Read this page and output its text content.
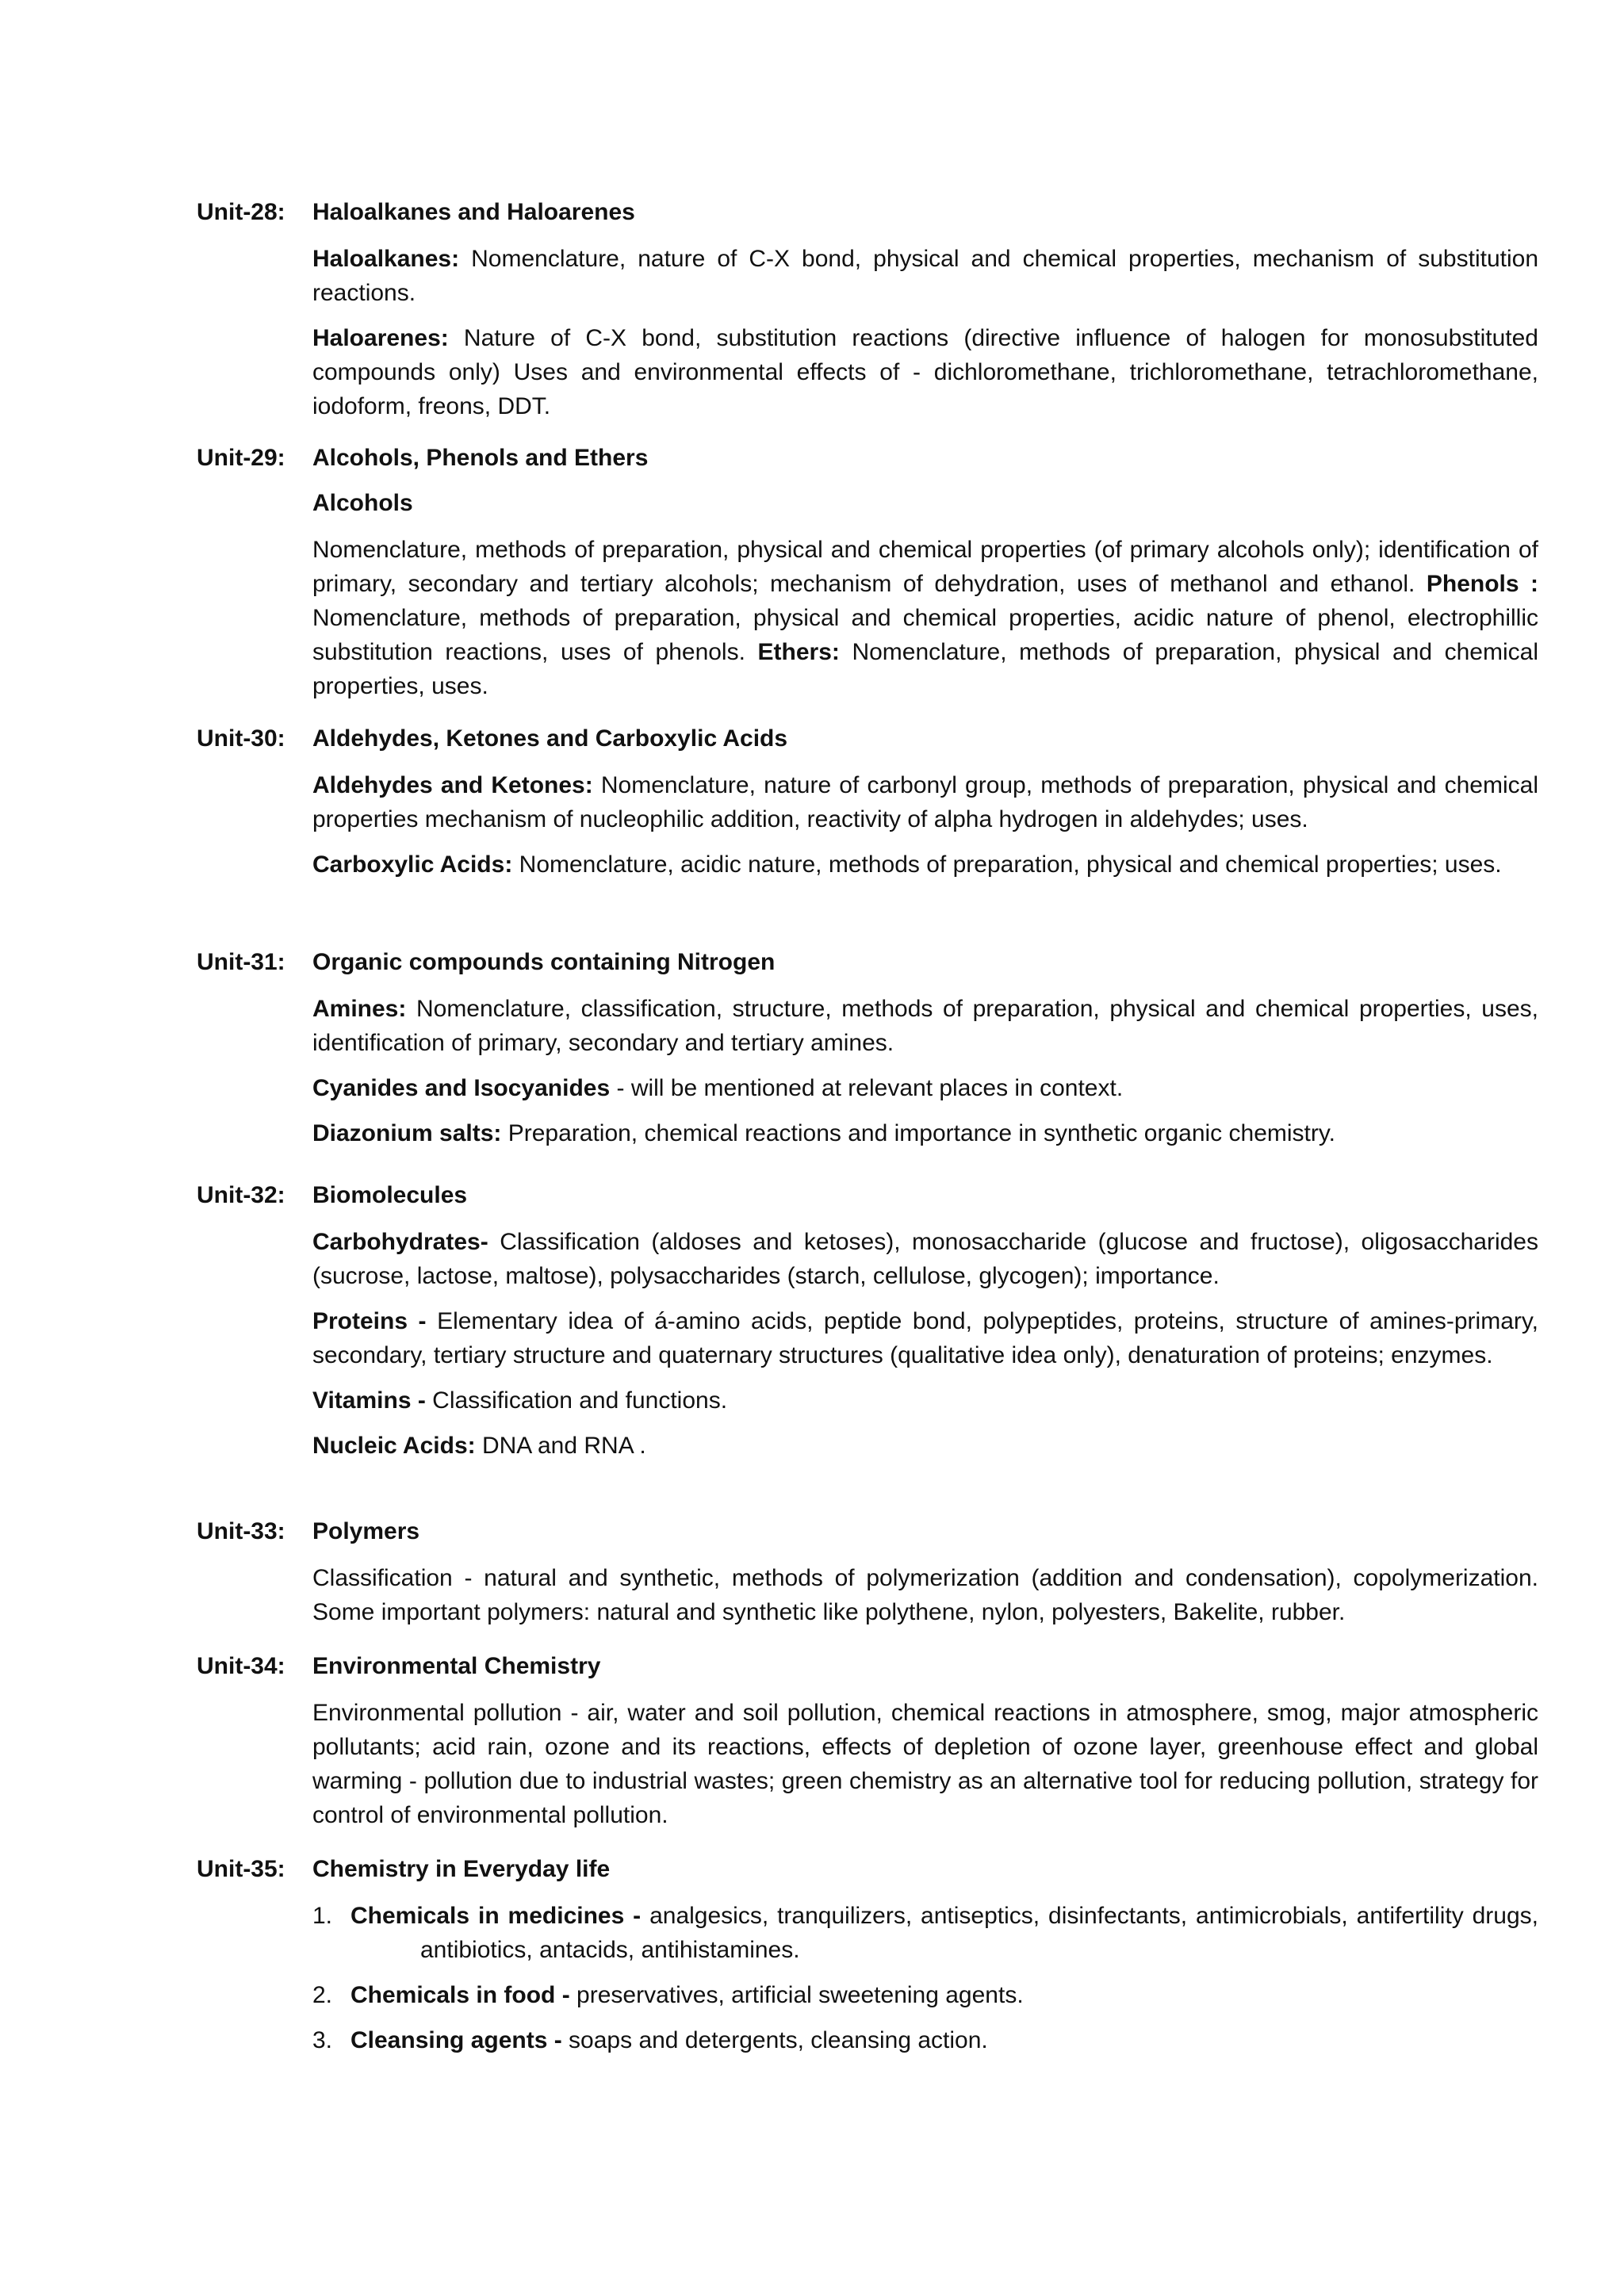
Unit-28: Haloalkanes and Haloarenes

Haloalkanes: Nomenclature, nature of C-X bond, physical and chemical properties, mechanism of substitution reactions.

Haloarenes: Nature of C-X bond, substitution reactions (directive influence of halogen for monosubstituted compounds only) Uses and environmental effects of - dichloromethane, trichloromethane, tetrachloromethane, iodoform, freons, DDT.

Unit-29: Alcohols, Phenols and Ethers
Alcohols

Nomenclature, methods of preparation, physical and chemical properties (of primary alcohols only); identification of primary, secondary and tertiary alcohols; mechanism of dehydration, uses of methanol and ethanol. Phenols : Nomenclature, methods of preparation, physical and chemical properties, acidic nature of phenol, electrophillic substitution reactions, uses of phenols. Ethers: Nomenclature, methods of preparation, physical and chemical properties, uses.

Unit-30: Aldehydes, Ketones and Carboxylic Acids

Aldehydes and Ketones: Nomenclature, nature of carbonyl group, methods of preparation, physical and chemical properties mechanism of nucleophilic addition, reactivity of alpha hydrogen in aldehydes; uses.

Carboxylic Acids: Nomenclature, acidic nature, methods of preparation, physical and chemical properties; uses.

Unit-31: Organic compounds containing Nitrogen

Amines: Nomenclature, classification, structure, methods of preparation, physical and chemical properties, uses, identification of primary, secondary and tertiary amines.

Cyanides and Isocyanides - will be mentioned at relevant places in context.

Diazonium salts: Preparation, chemical reactions and importance in synthetic organic chemistry.

Unit-32: Biomolecules

Carbohydrates- Classification (aldoses and ketoses), monosaccharide (glucose and fructose), oligosaccharides (sucrose, lactose, maltose), polysaccharides (starch, cellulose, glycogen); importance.

Proteins - Elementary idea of á-amino acids, peptide bond, polypeptides, proteins, structure of amines-primary, secondary, tertiary structure and quaternary structures (qualitative idea only), denaturation of proteins; enzymes.

Vitamins - Classification and functions.

Nucleic Acids: DNA and RNA .

Unit-33: Polymers

Classification - natural and synthetic, methods of polymerization (addition and condensation), copolymerization. Some important polymers: natural and synthetic like polythene, nylon, polyesters, Bakelite, rubber.

Unit-34: Environmental Chemistry

Environmental pollution - air, water and soil pollution, chemical reactions in atmosphere, smog, major atmospheric pollutants; acid rain, ozone and its reactions, effects of depletion of ozone layer, greenhouse effect and global warming - pollution due to industrial wastes; green chemistry as an alternative tool for reducing pollution, strategy for control of environmental pollution.

Unit-35: Chemistry in Everyday life
1. Chemicals in medicines - analgesics, tranquilizers, antiseptics, disinfectants, antimicrobials, antifertility drugs,antibiotics, antacids, antihistamines.

2. Chemicals in food - preservatives, artificial sweetening agents.

3. Cleansing agents - soaps and detergents, cleansing action.
